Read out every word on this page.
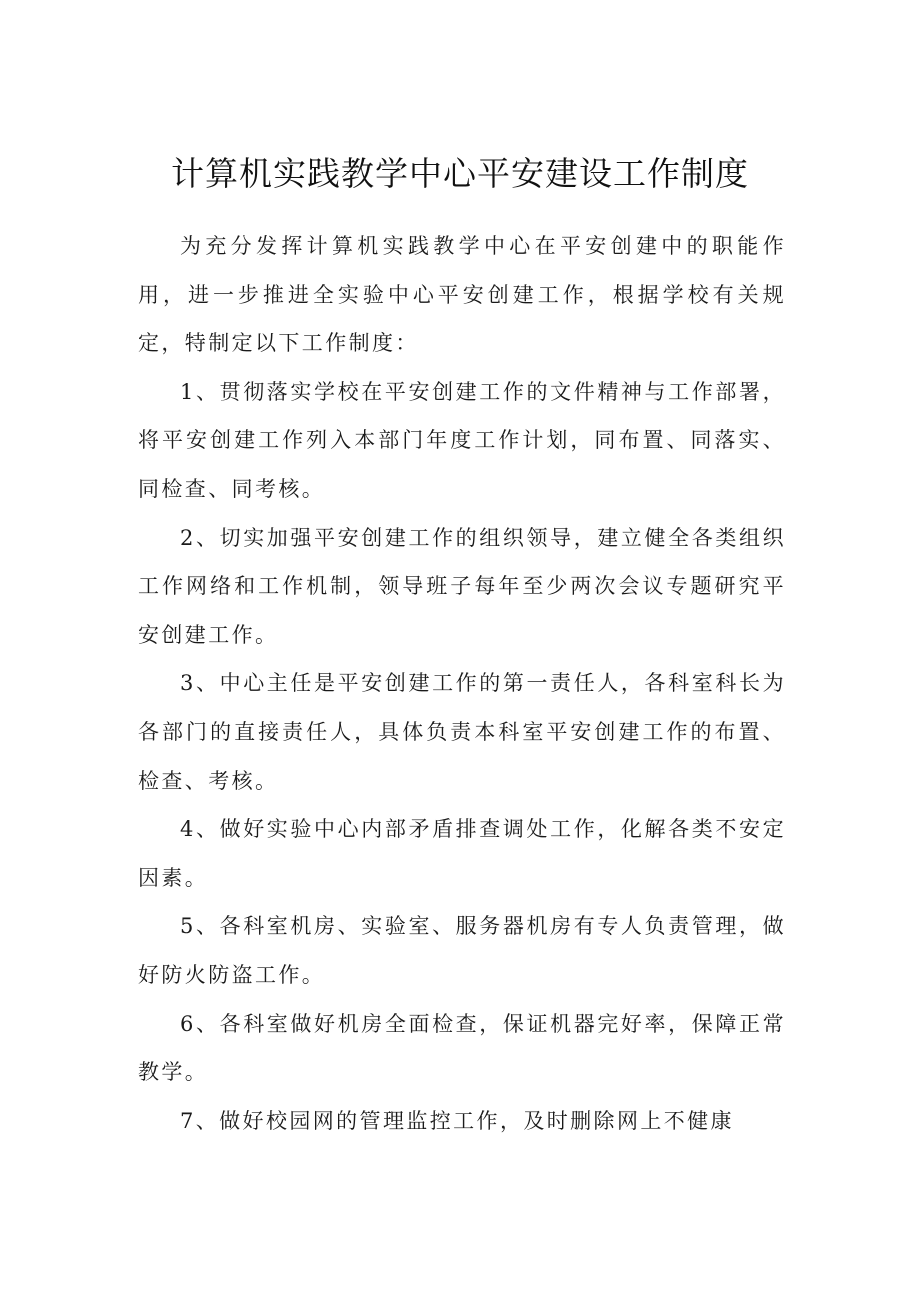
计算机实践教学中心平安建设工作制度

为充分发挥计算机实践教学中心在平安创建中的职能作用，进一步推进全实验中心平安创建工作，根据学校有关规定，特制定以下工作制度：

1、贯彻落实学校在平安创建工作的文件精神与工作部署，将平安创建工作列入本部门年度工作计划，同布置、同落实、同检查、同考核。

2、切实加强平安创建工作的组织领导，建立健全各类组织工作网络和工作机制，领导班子每年至少两次会议专题研究平安创建工作。

3、中心主任是平安创建工作的第一责任人，各科室科长为各部门的直接责任人，具体负责本科室平安创建工作的布置、检查、考核。

4、做好实验中心内部矛盾排查调处工作，化解各类不安定因素。

5、各科室机房、实验室、服务器机房有专人负责管理，做好防火防盗工作。

6、各科室做好机房全面检查，保证机器完好率，保障正常教学。

7、做好校园网的管理监控工作，及时删除网上不健康
